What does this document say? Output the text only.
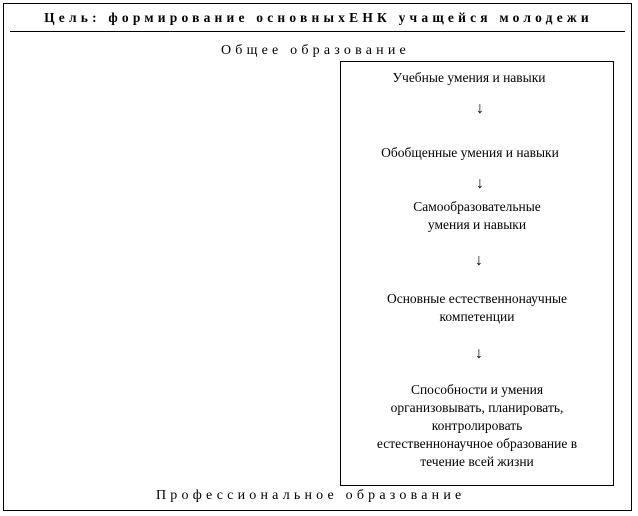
Цель: формирование основныхЕНК учащейся молодежи
Общее образование
Учебные умения и навыки
↓
Обобщенные умения и навыки
↓
Самообразовательные
умения и навыки
↓
Основные естественнонаучные
компетенции
↓
Способности и умения
организовывать, планировать,
контролировать
естественнонаучное образование в
течение всей жизни
Профессиональное образование
